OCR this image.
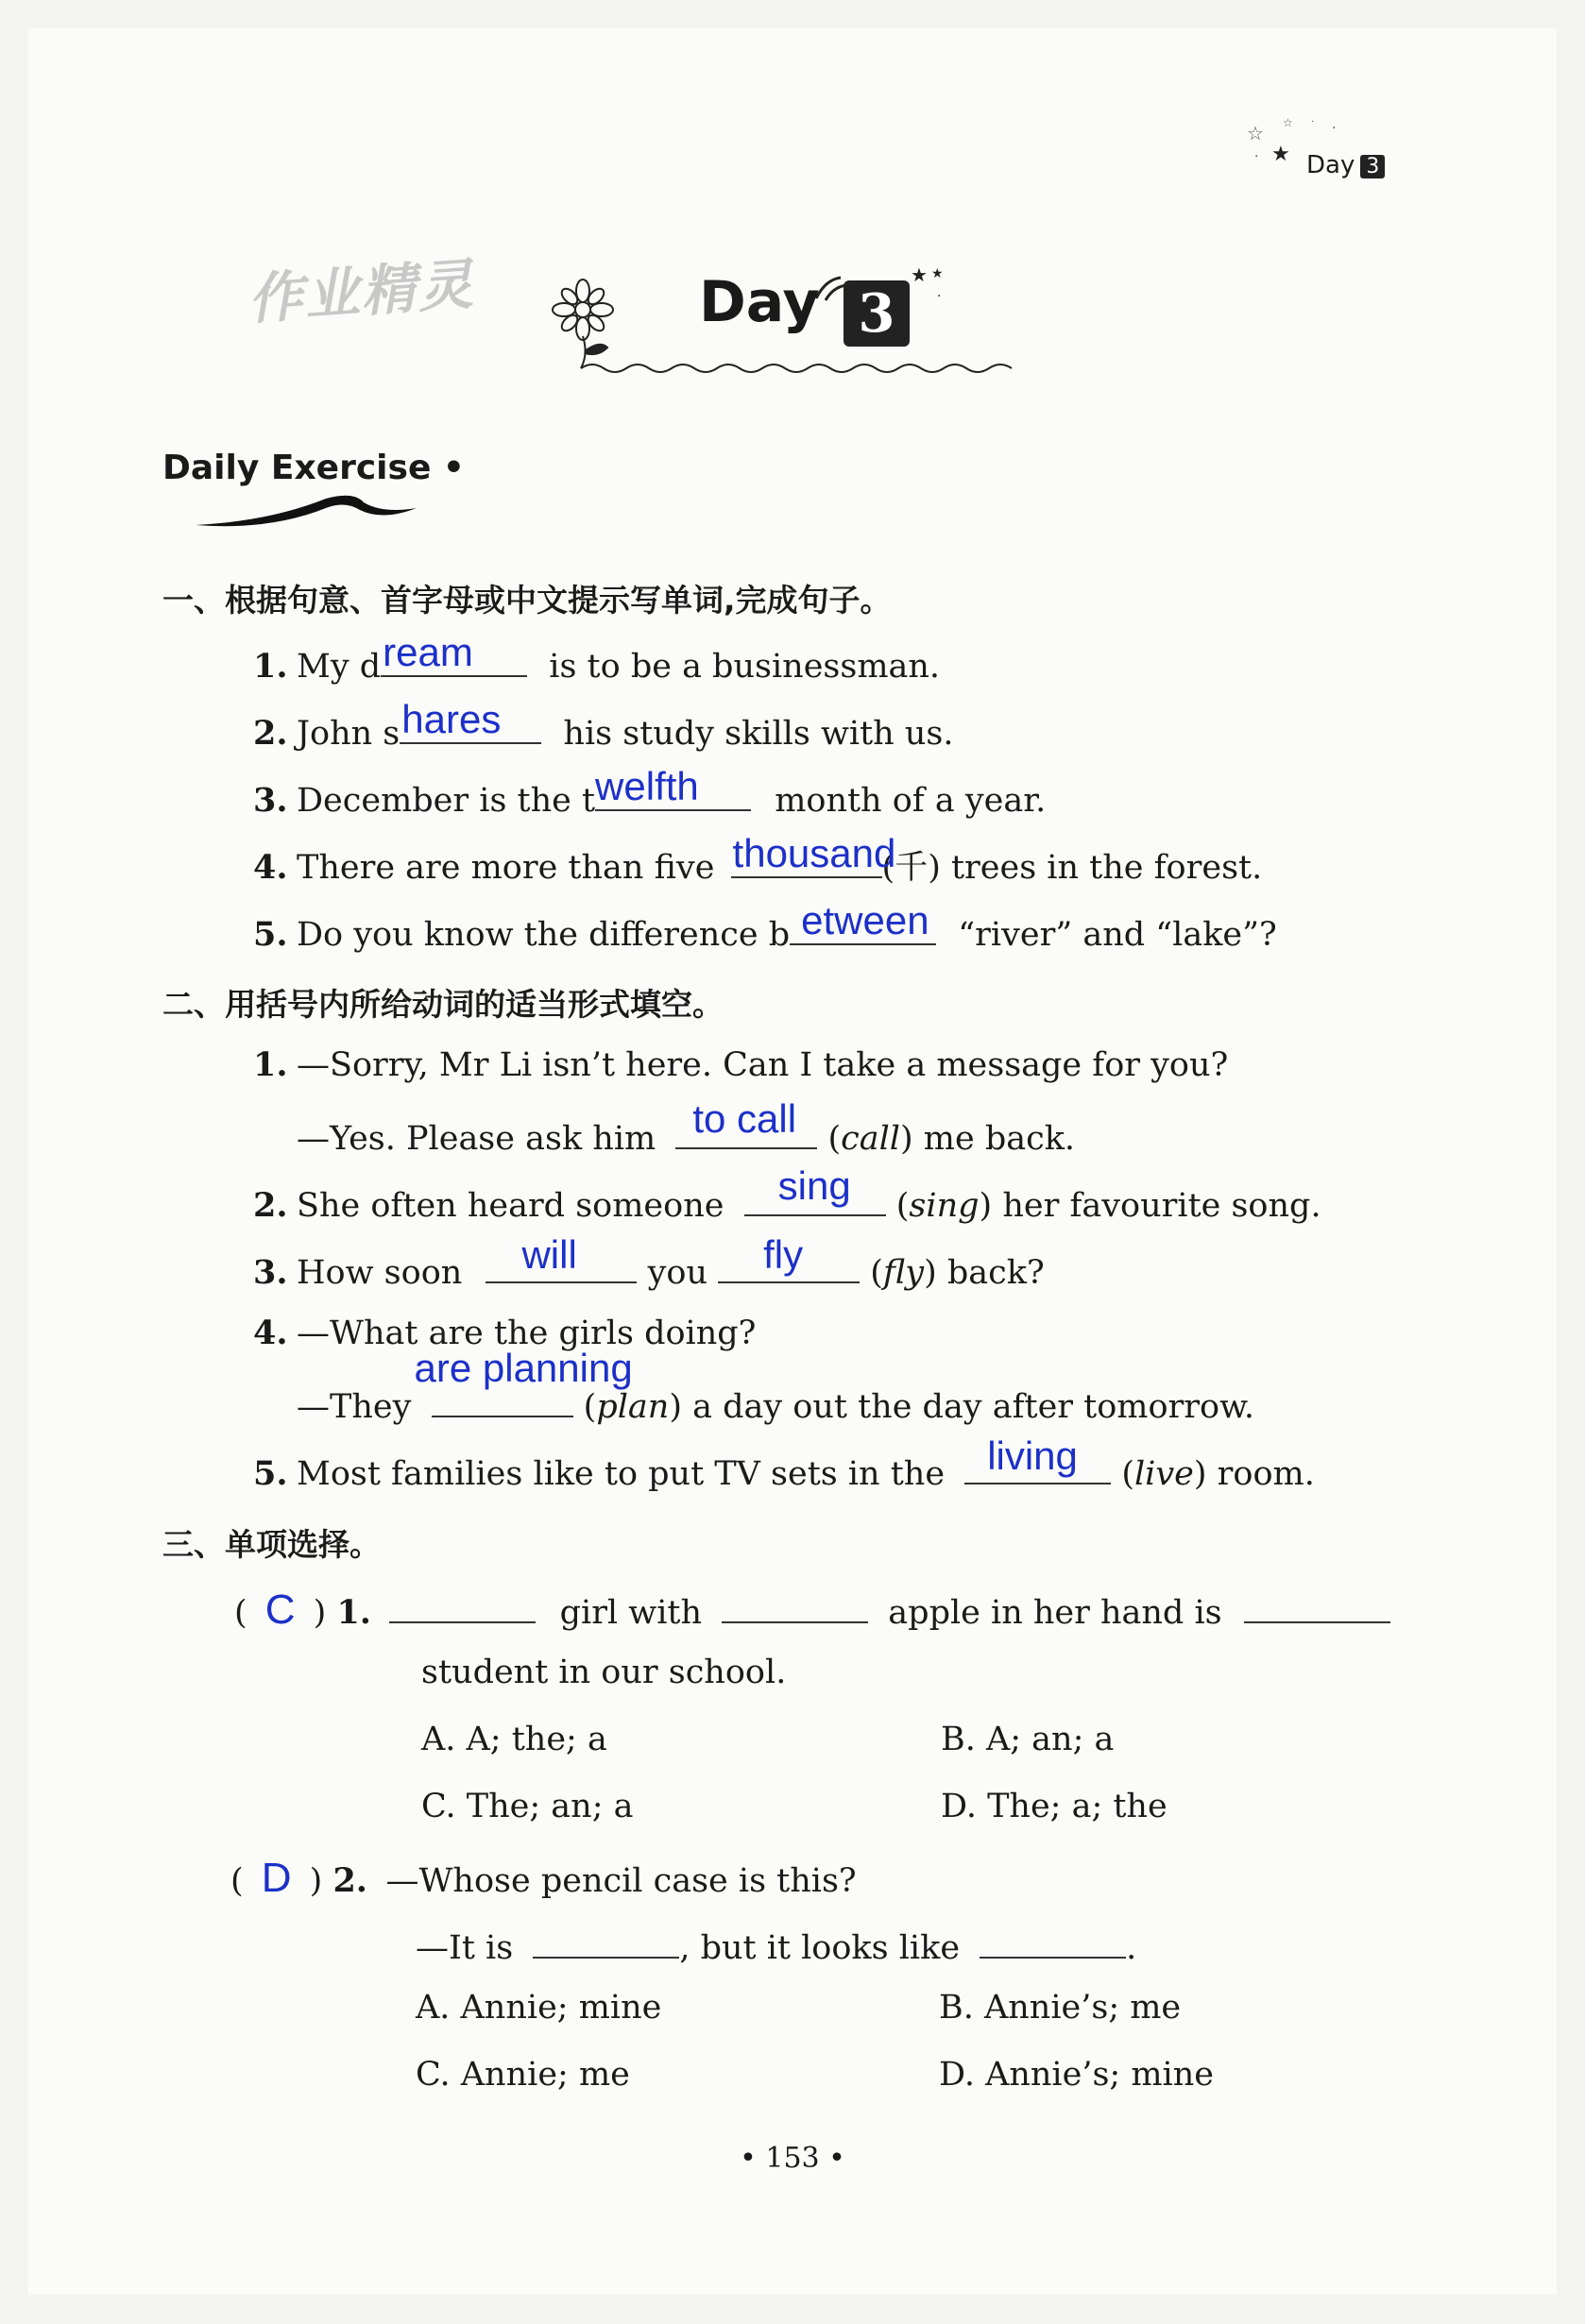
☆ ☆ ·
★
·
·
Day 3
作业精灵	Day 3
★ ★
·
Daily Exercise •
一、根据句意、首字母或中文提示写单词,完成句子。
1. My d ream is to be a businessman.
2. John s hares his study skills with us.
3. December is the t welfth month of a year.
4. There are more than five thousand
(千) trees in the forest.
5. Do you know the difference b etween “river” and “lake”?
二、用括号内所给动词的适当形式填空。
1. —Sorry, Mr Li isn’t here. Can I take a message for you?
—Yes. Please ask him to call (call) me back.
2. She often heard someone sing (sing) her favourite song.
3. How soon will you fly (fly) back?
4. —What are the girls doing?
—They
are planning
(plan) a day out the day after tomorrow.
5. Most families like to put TV sets in the living (live) room.
三、单项选择。
( C ) 1.	girl with	apple in her hand is
student in our school.
A. A; the; a	B. A; an; a
C. The; an; a	D. The; a; the
( D ) 2. —Whose pencil case is this?
—It is	, but it looks like	.
A. Annie; mine	B. Annie’s; me
C. Annie; me	D. Annie’s; mine
• 153 •
